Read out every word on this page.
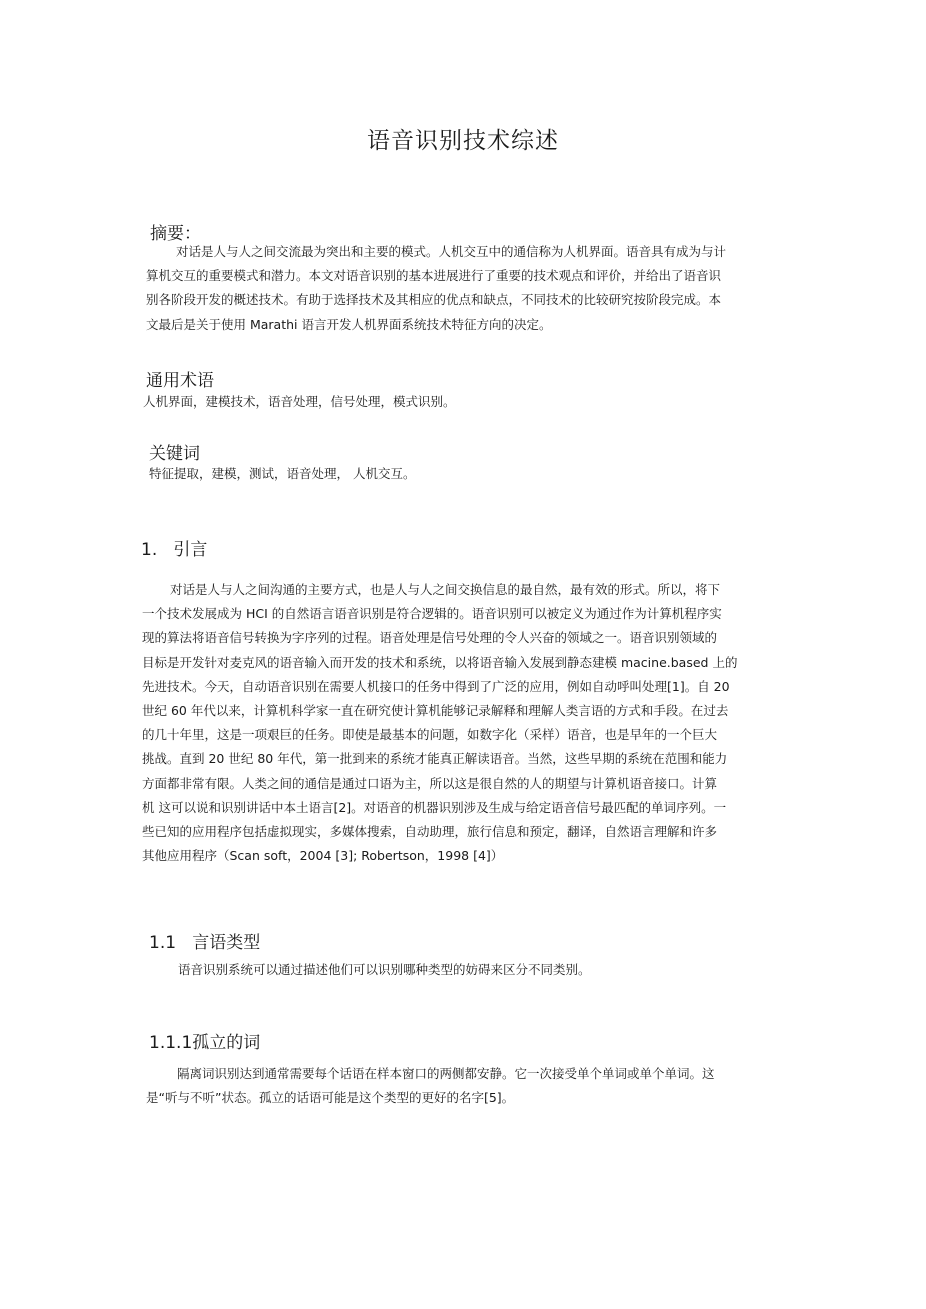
语音识别技术综述
摘要：
对话是人与人之间交流最为突出和主要的模式。人机交互中的通信称为人机界面。语音具有成为与计
算机交互的重要模式和潜力。本文对语音识别的基本进展进行了重要的技术观点和评价，并给出了语音识
别各阶段开发的概述技术。有助于选择技术及其相应的优点和缺点，不同技术的比较研究按阶段完成。本
文最后是关于使用 Marathi 语言开发人机界面系统技术特征方向的决定。
通用术语
人机界面，建模技术，语音处理，信号处理，模式识别。
关键词
特征提取，建模，测试，语音处理， 人机交互。
1.   引言
对话是人与人之间沟通的主要方式，也是人与人之间交换信息的最自然，最有效的形式。所以，将下
一个技术发展成为 HCI 的自然语言语音识别是符合逻辑的。语音识别可以被定义为通过作为计算机程序实
现的算法将语音信号转换为字序列的过程。语音处理是信号处理的令人兴奋的领域之一。语音识别领域的
目标是开发针对麦克风的语音输入而开发的技术和系统，以将语音输入发展到静态建模 macine.based 上的
先进技术。今天，自动语音识别在需要人机接口的任务中得到了广泛的应用，例如自动呼叫处理[1]。自 20
世纪 60 年代以来，计算机科学家一直在研究使计算机能够记录解释和理解人类言语的方式和手段。在过去
的几十年里，这是一项艰巨的任务。即使是最基本的问题，如数字化（采样）语音，也是早年的一个巨大
挑战。直到 20 世纪 80 年代，第一批到来的系统才能真正解读语音。当然，这些早期的系统在范围和能力
方面都非常有限。人类之间的通信是通过口语为主，所以这是很自然的人的期望与计算机语音接口。计算
机 这可以说和识别讲话中本土语言[2]。对语音的机器识别涉及生成与给定语音信号最匹配的单词序列。一
些已知的应用程序包括虚拟现实，多媒体搜索，自动助理，旅行信息和预定，翻译，自然语言理解和许多
其他应用程序（Scan soft，2004 [3]; Robertson，1998 [4]）
1.1   言语类型
语音识别系统可以通过描述他们可以识别哪种类型的妨碍来区分不同类别。
1.1.1孤立的词
隔离词识别达到通常需要每个话语在样本窗口的两侧都安静。它一次接受单个单词或单个单词。这
是“听与不听”状态。孤立的话语可能是这个类型的更好的名字[5]。
